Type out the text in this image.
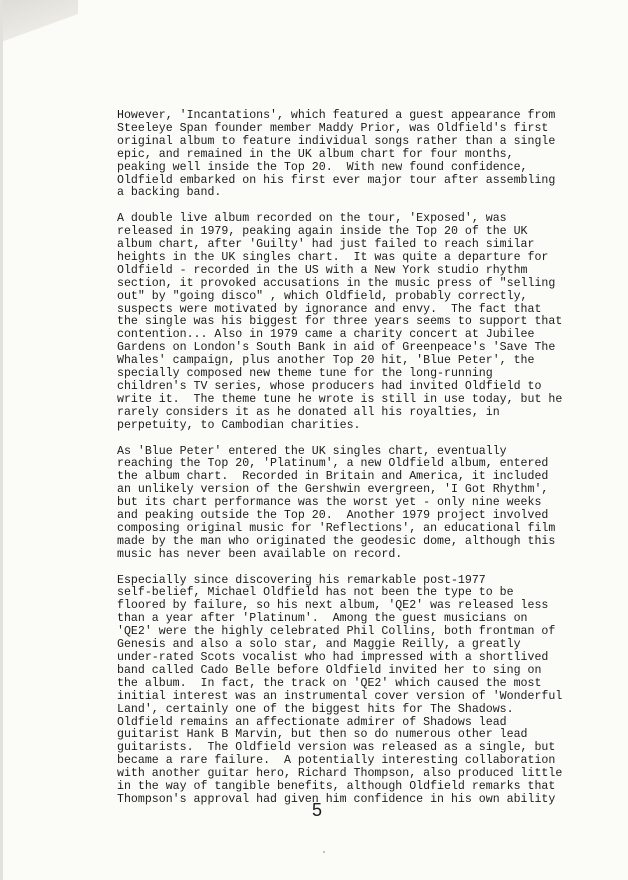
However, 'Incantations', which featured a guest appearance from
Steeleye Span founder member Maddy Prior, was Oldfield's first
original album to feature individual songs rather than a single
epic, and remained in the UK album chart for four months,
peaking well inside the Top 20.  With new found confidence,
Oldfield embarked on his first ever major tour after assembling
a backing band.
A double live album recorded on the tour, 'Exposed', was
released in 1979, peaking again inside the Top 20 of the UK
album chart, after 'Guilty' had just failed to reach similar
heights in the UK singles chart.  It was quite a departure for
Oldfield - recorded in the US with a New York studio rhythm
section, it provoked accusations in the music press of "selling
out" by "going disco" , which Oldfield, probably correctly,
suspects were motivated by ignorance and envy.  The fact that
the single was his biggest for three years seems to support that
contention... Also in 1979 came a charity concert at Jubilee
Gardens on London's South Bank in aid of Greenpeace's 'Save The
Whales' campaign, plus another Top 20 hit, 'Blue Peter', the
specially composed new theme tune for the long-running
children's TV series, whose producers had invited Oldfield to
write it.  The theme tune he wrote is still in use today, but he
rarely considers it as he donated all his royalties, in
perpetuity, to Cambodian charities.
As 'Blue Peter' entered the UK singles chart, eventually
reaching the Top 20, 'Platinum', a new Oldfield album, entered
the album chart.  Recorded in Britain and America, it included
an unlikely version of the Gershwin evergreen, 'I Got Rhythm',
but its chart performance was the worst yet - only nine weeks
and peaking outside the Top 20.  Another 1979 project involved
composing original music for 'Reflections', an educational film
made by the man who originated the geodesic dome, although this
music has never been available on record.
Especially since discovering his remarkable post-1977
self-belief, Michael Oldfield has not been the type to be
floored by failure, so his next album, 'QE2' was released less
than a year after 'Platinum'.  Among the guest musicians on
'QE2' were the highly celebrated Phil Collins, both frontman of
Genesis and also a solo star, and Maggie Reilly, a greatly
under-rated Scots vocalist who had impressed with a shortlived
band called Cado Belle before Oldfield invited her to sing on
the album.  In fact, the track on 'QE2' which caused the most
initial interest was an instrumental cover version of 'Wonderful
Land', certainly one of the biggest hits for The Shadows.
Oldfield remains an affectionate admirer of Shadows lead
guitarist Hank B Marvin, but then so do numerous other lead
guitarists.  The Oldfield version was released as a single, but
became a rare failure.  A potentially interesting collaboration
with another guitar hero, Richard Thompson, also produced little
in the way of tangible benefits, although Oldfield remarks that
Thompson's approval had given him confidence in his own ability
5
